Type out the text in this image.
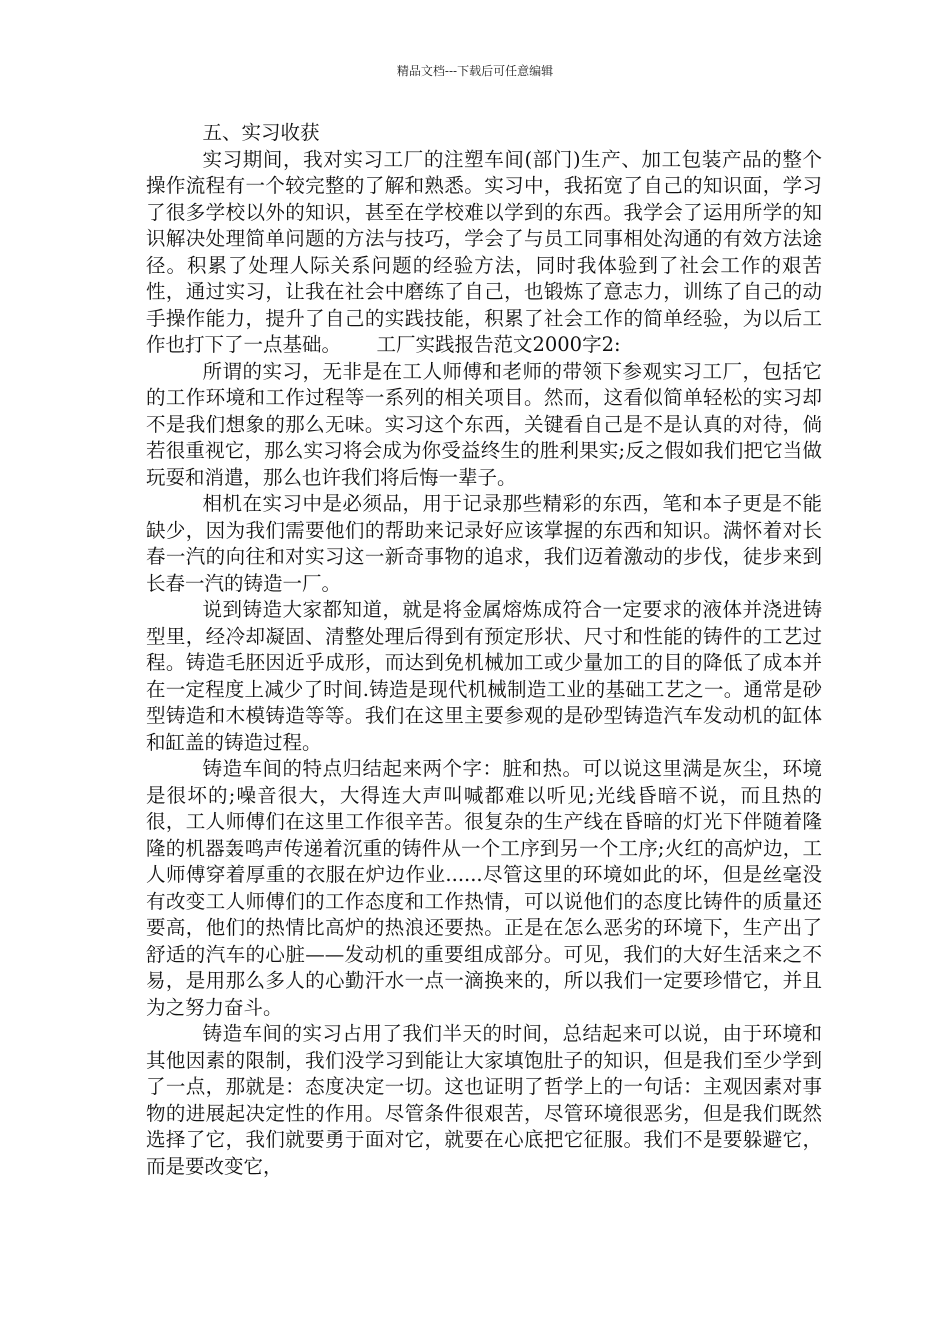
精品文档---下载后可任意编辑

五、实习收获

实习期间，我对实习工厂的注塑车间(部门)生产、加工包装产品的整个操作流程有一个较完整的了解和熟悉。实习中，我拓宽了自己的知识面，学习了很多学校以外的知识，甚至在学校难以学到的东西。我学会了运用所学的知识解决处理简单问题的方法与技巧，学会了与员工同事相处沟通的有效方法途径。积累了处理人际关系问题的经验方法，同时我体验到了社会工作的艰苦性，通过实习，让我在社会中磨练了自己，也锻炼了意志力，训练了自己的动手操作能力，提升了自己的实践技能，积累了社会工作的简单经验，为以后工作也打下了一点基础。　　 工厂实践报告范文2000字2:

所谓的实习，无非是在工人师傅和老师的带领下参观实习工厂，包括它的工作环境和工作过程等一系列的相关项目。然而，这看似简单轻松的实习却不是我们想象的那么无味。实习这个东西，关键看自己是不是认真的对待，倘若很重视它，那么实习将会成为你受益终生的胜利果实;反之假如我们把它当做玩耍和消遣，那么也许我们将后悔一辈子。

相机在实习中是必须品，用于记录那些精彩的东西，笔和本子更是不能缺少，因为我们需要他们的帮助来记录好应该掌握的东西和知识。满怀着对长春一汽的向往和对实习这一新奇事物的追求，我们迈着激动的步伐，徒步来到长春一汽的铸造一厂。

说到铸造大家都知道，就是将金属熔炼成符合一定要求的液体并浇进铸型里，经冷却凝固、清整处理后得到有预定形状、尺寸和性能的铸件的工艺过程。铸造毛胚因近乎成形，而达到免机械加工或少量加工的目的降低了成本并在一定程度上减少了时间.铸造是现代机械制造工业的基础工艺之一。通常是砂型铸造和木模铸造等等。我们在这里主要参观的是砂型铸造汽车发动机的缸体和缸盖的铸造过程。

铸造车间的特点归结起来两个字：脏和热。可以说这里满是灰尘，环境是很坏的;噪音很大，大得连大声叫喊都难以听见;光线昏暗不说，而且热的很，工人师傅们在这里工作很辛苦。很复杂的生产线在昏暗的灯光下伴随着隆隆的机器轰鸣声传递着沉重的铸件从一个工序到另一个工序;火红的高炉边，工人师傅穿着厚重的衣服在炉边作业......尽管这里的环境如此的坏，但是丝毫没有改变工人师傅们的工作态度和工作热情，可以说他们的态度比铸件的质量还要高，他们的热情比高炉的热浪还要热。正是在怎么恶劣的环境下，生产出了舒适的汽车的心脏——发动机的重要组成部分。可见，我们的大好生活来之不易，是用那么多人的心勤汗水一点一滴换来的，所以我们一定要珍惜它，并且为之努力奋斗。

铸造车间的实习占用了我们半天的时间，总结起来可以说，由于环境和其他因素的限制，我们没学习到能让大家填饱肚子的知识，但是我们至少学到了一点，那就是：态度决定一切。这也证明了哲学上的一句话：主观因素对事物的进展起决定性的作用。尽管条件很艰苦，尽管环境很恶劣，但是我们既然选择了它，我们就要勇于面对它，就要在心底把它征服。我们不是要躲避它，而是要改变它，
